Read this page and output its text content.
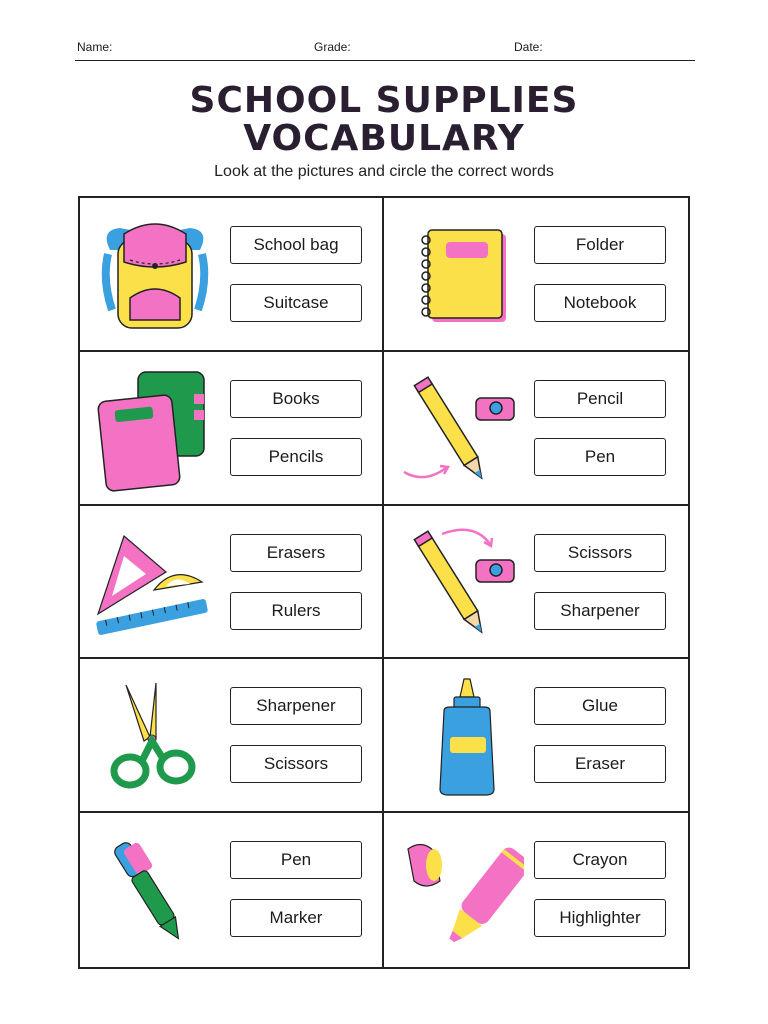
Name:	Grade:	Date:
SCHOOL SUPPLIES
VOCABULARY
Look at the pictures and circle the correct words
School bag
Suitcase
Folder
Notebook
Books
Pencils
Pencil
Pen
Erasers
Rulers
Scissors
Sharpener
Sharpener
Scissors
Glue
Eraser
Pen
Marker
Crayon
Highlighter
